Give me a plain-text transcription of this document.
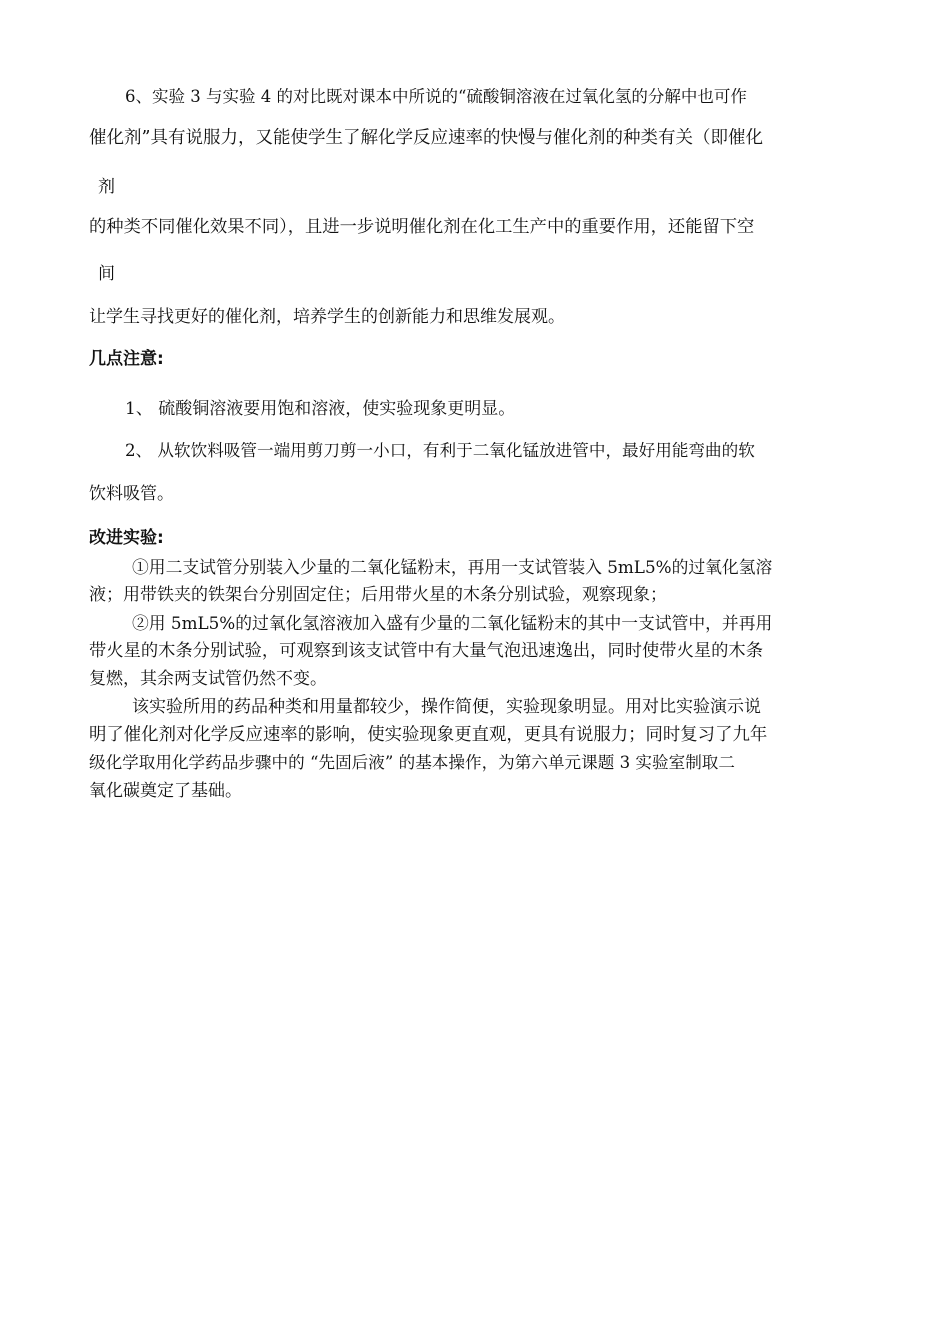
6、实验 3 与实验 4 的对比既对课本中所说的“硫酸铜溶液在过氧化氢的分解中也可作

催化剂”具有说服力，又能使学生了解化学反应速率的快慢与催化剂的种类有关（即催化

剂

的种类不同催化效果不同），且进一步说明催化剂在化工生产中的重要作用，还能留下空

间

让学生寻找更好的催化剂，培养学生的创新能力和思维发展观。

几点注意:

1、 硫酸铜溶液要用饱和溶液，使实验现象更明显。

2、 从软饮料吸管一端用剪刀剪一小口，有利于二氧化锰放进管中，最好用能弯曲的软

饮料吸管。

改进实验:

①用二支试管分别装入少量的二氧化锰粉末，再用一支试管装入 5mL5%的过氧化氢溶

液；用带铁夹的铁架台分别固定住；后用带火星的木条分别试验，观察现象；

②用 5mL5%的过氧化氢溶液加入盛有少量的二氧化锰粉末的其中一支试管中，并再用

带火星的木条分别试验，可观察到该支试管中有大量气泡迅速逸出，同时使带火星的木条

复燃，其余两支试管仍然不变。

该实验所用的药品种类和用量都较少，操作简便，实验现象明显。用对比实验演示说

明了催化剂对化学反应速率的影响，使实验现象更直观，更具有说服力；同时复习了九年

级化学取用化学药品步骤中的 “先固后液” 的基本操作，为第六单元课题 3 实验室制取二

氧化碳奠定了基础。
